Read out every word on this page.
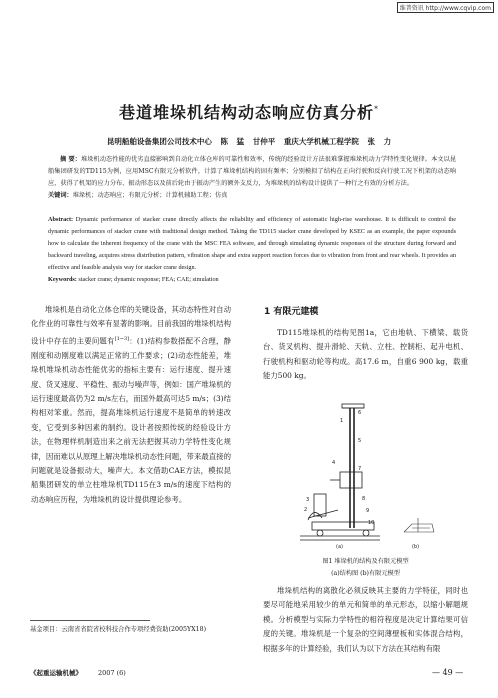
维普资讯 http://www.cqvip.com
巷道堆垛机结构动态响应仿真分析*
昆明船舶设备集团公司技术中心 陈 猛 甘仲平 重庆大学机械工程学院 张 力
摘 要：堆垛机动态性能的优劣直接影响到自动化立体仓库的可靠性和效率，传统的经验设计方法很难掌握堆垛机动力学特性变化规律。本文以昆船集团研发的TD115为例，应用MSC有限元分析软件，计算了堆垛机结构的固有频率；分别模拟了结构在正向行驶和反向行驶工况下机架的动态响应，获得了机架的应力分布、振动形态以及前后轮由于振动产生的额外支反力，为堆垛机的结构设计提供了一种行之有效的分析方法。
关键词：堆垛机；动态响应；有限元分析；计算机辅助工程；仿真
Abstract: Dynamic performance of stacker crane directly affects the reliability and efficiency of automatic high-rise warehouse. It is difficult to control the dynamic performances of stacker crane with traditional design method. Taking the TD115 stacker crane developed by KSEC as an example, the paper expounds how to calculate the inherent frequency of the crane with the MSC FEA software, and through simulating dynamic responses of the structure during forward and backward traveling, acquires stress distribution pattern, vibration shape and extra support reaction forces due to vibration from front and rear wheels. It provides an effective and feasible analysis way for stacker crane design.
Keywords: stacker crane; dynamic response; FEA; CAE; simulation
堆垛机是自动化立体仓库的关键设备，其动态特性对自动化作业的可靠性与效率有显著的影响。目前我国的堆垛机结构设计中存在的主要问题有[1~3]：(1)结构参数搭配不合理，静刚度和动刚度难以满足正常的工作要求；(2)动态性能差，堆垛机堆垛机动态性能优劣的指标主要有：运行速度、提升速度、货叉速度、平稳性、振动与噪声等，例如：国产堆垛机的运行速度最高仍为2 m/s左右，而国外最高可达5 m/s；(3)结构相对笨重。然而，提高堆垛机运行速度不是简单的转速改变，它受到多种因素的制约。设计者按照传统的经验设计方法，在物理样机制造出来之前无法把握其动力学特性变化规律，因而难以从原理上解决堆垛机动态性问题，带来最直接的问题就是设备振动大，噪声大。本文借助CAE方法，模拟昆船集团研发的单立柱堆垛机TD115在3 m/s的速度下结构的动态响应历程，为堆垛机的设计提供理论参考。
1 有限元建模
TD115堆垛机的结构见图1a，它由地轨、下横梁、载货台、货叉机构、提升滑轮、天轨、立柱、控制柜、起升电机、行驶机构和驱动轮等构成。高17.6 m，自重6 900 kg，载重能力500 kg。
1
2
3
4
5
6
7
8
9
10
(a)	(b)
图1 堆垛机的结构及有限元模型
(a)结构图 (b)有限元模型
堆垛机结构的离散化必须反映其主要的力学特征，同时也要尽可能地采用较少的单元和简单的单元形态，以缩小解题规模。分析模型与实际力学特性的相符程度是决定计算结果可信度的关键。堆垛机是一个复杂的空间薄壁板和实体混合结构，根据多年的计算经验，我们认为以下方法在其结构有限
基金项目：云南省省院省校科技合作专项经费资助(2005YX18)
《起重运输机械》 2007 (6)	— 49 —
